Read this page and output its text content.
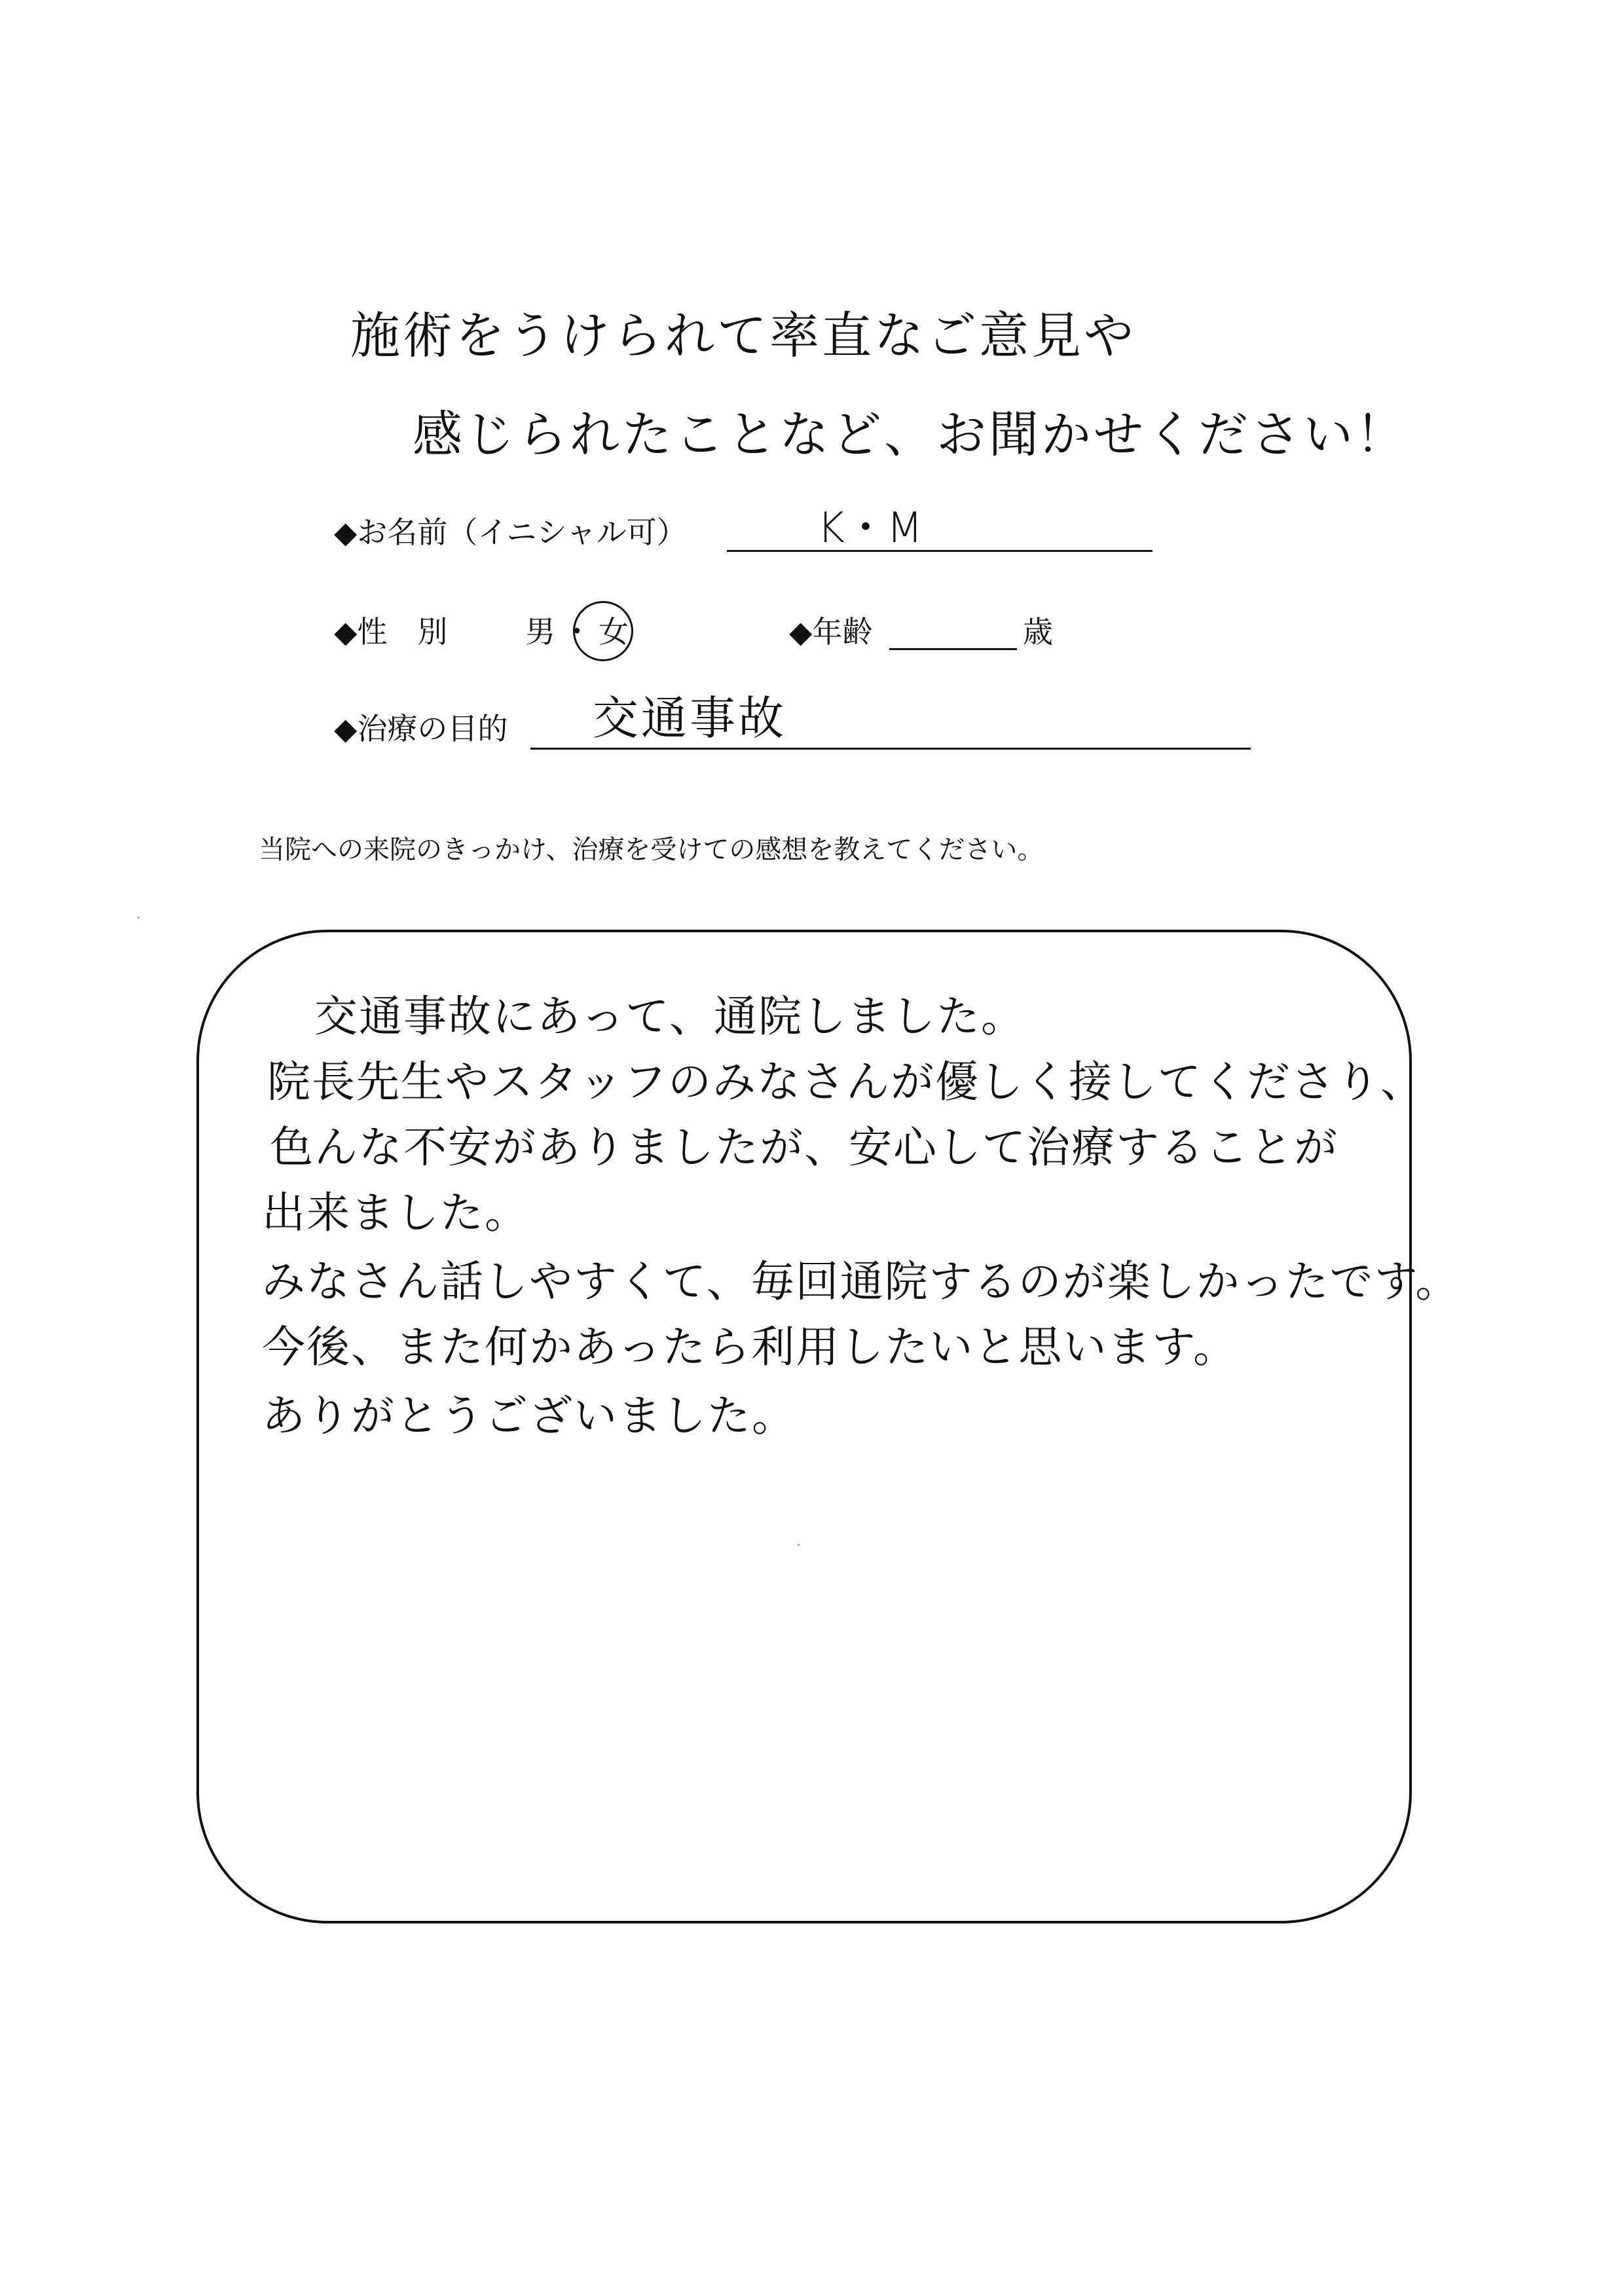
施術をうけられて率直なご意見や
感じられたことなど、お聞かせください！
◆お名前（イニシャル可）	K・M
◆性　別	男・女	◆年齢	歳
◆治療の目的 交通事故
当院への来院のきっかけ、治療を受けての感想を教えてください。
交通事故にあって、通院しました。
院長先生やスタッフのみなさんが優しく接してくださり、
色んな不安がありましたが、安心して治療することが
出来ました。
みなさん話しやすくて、毎回通院するのが楽しかったです。
今後、また何かあったら利用したいと思います。
ありがとうございました。
